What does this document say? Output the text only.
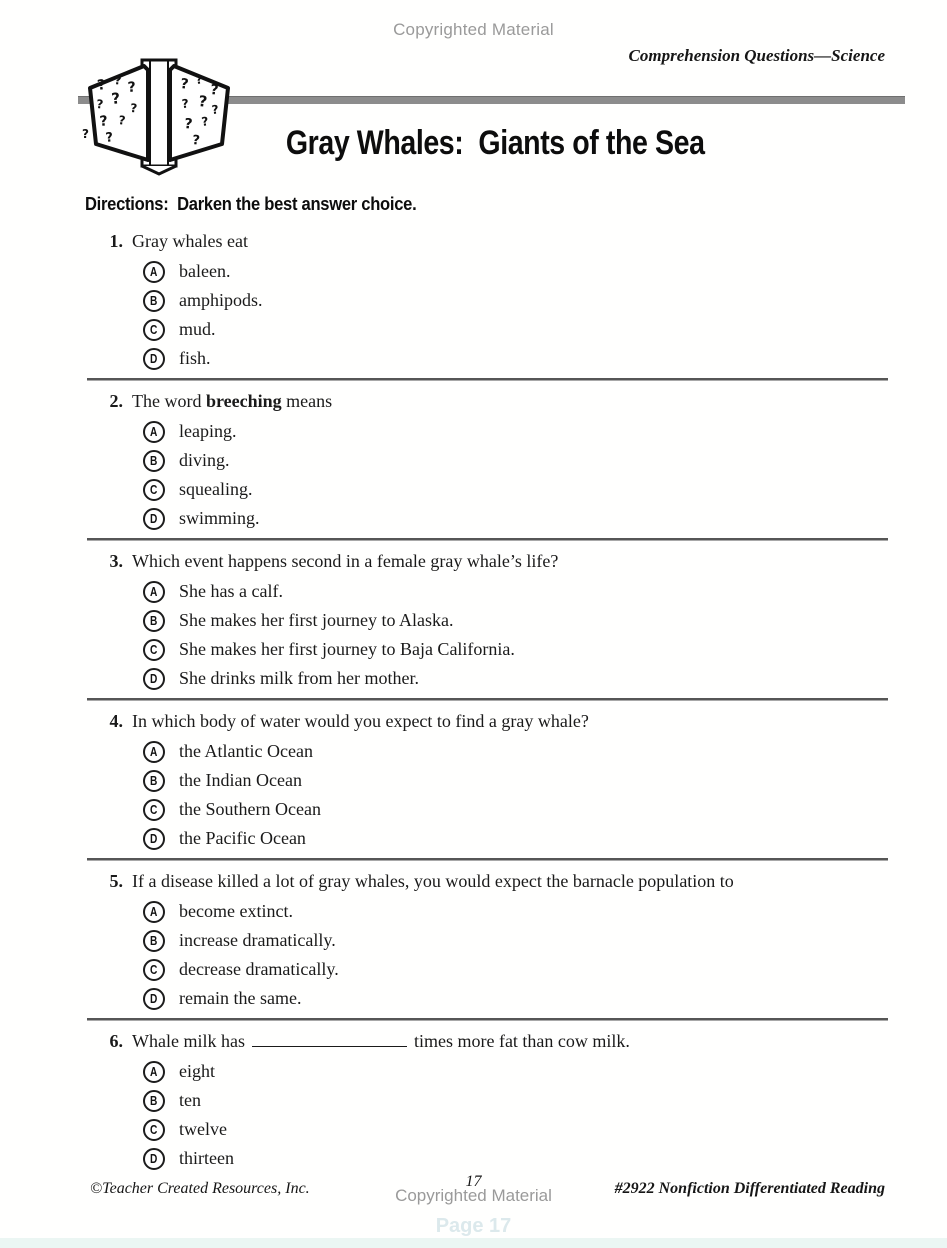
Copyrighted Material
Comprehension Questions—Science
? ? ?
? ?
?
? ?
?
?
? ?
?
? ? ?
? ?
?	Gray Whales:  Giants of the Sea
Directions:  Darken the best answer choice.
1. Gray whales eat
A baleen.
B amphipods.
C mud.
D fish.
2. The word breeching means
A leaping.
B diving.
C squealing.
D swimming.
3. Which event happens second in a female gray whale’s life?
A She has a calf.
B She makes her first journey to Alaska.
C She makes her first journey to Baja California.
D She drinks milk from her mother.
4. In which body of water would you expect to find a gray whale?
A the Atlantic Ocean
B the Indian Ocean
C the Southern Ocean
D the Pacific Ocean
5. If a disease killed a lot of gray whales, you would expect the barnacle population to
A become extinct.
B increase dramatically.
C decrease dramatically.
D remain the same.
6. Whale milk has	times more fat than cow milk.
A eight
B ten
C twelve
D thirteen
©Teacher Created Resources, Inc.	17
Copyrighted Material	#2922 Nonfiction Differentiated Reading
Page 17
